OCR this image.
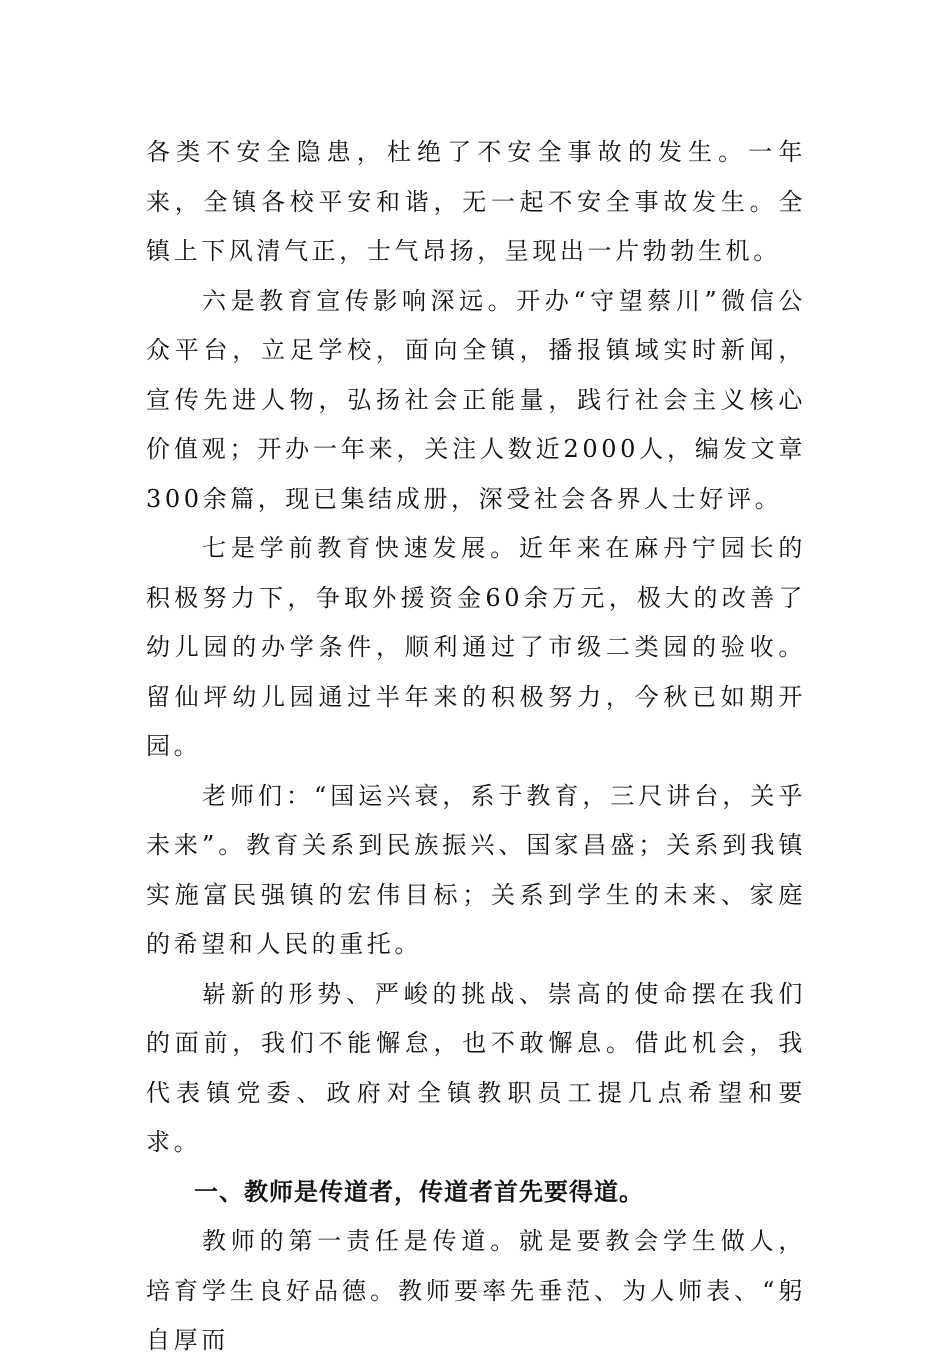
各类不安全隐患，杜绝了不安全事故的发生。一年来，全镇各校平安和谐，无一起不安全事故发生。全镇上下风清气正，士气昂扬，呈现出一片勃勃生机。

六是教育宣传影响深远。开办“守望蔡川”微信公众平台，立足学校，面向全镇，播报镇域实时新闻，宣传先进人物，弘扬社会正能量，践行社会主义核心价值观；开办一年来，关注人数近2000人，编发文章300余篇，现已集结成册，深受社会各界人士好评。

七是学前教育快速发展。近年来在麻丹宁园长的积极努力下，争取外援资金60余万元，极大的改善了幼儿园的办学条件，顺利通过了市级二类园的验收。留仙坪幼儿园通过半年来的积极努力，今秋已如期开园。

老师们：“国运兴衰，系于教育，三尺讲台，关乎未来”。教育关系到民族振兴、国家昌盛；关系到我镇实施富民强镇的宏伟目标；关系到学生的未来、家庭的希望和人民的重托。

崭新的形势、严峻的挑战、崇高的使命摆在我们的面前，我们不能懈怠，也不敢懈息。借此机会，我代表镇党委、政府对全镇教职员工提几点希望和要求。

一、教师是传道者，传道者首先要得道。

教师的第一责任是传道。就是要教会学生做人，培育学生良好品德。教师要率先垂范、为人师表、“躬自厚而
